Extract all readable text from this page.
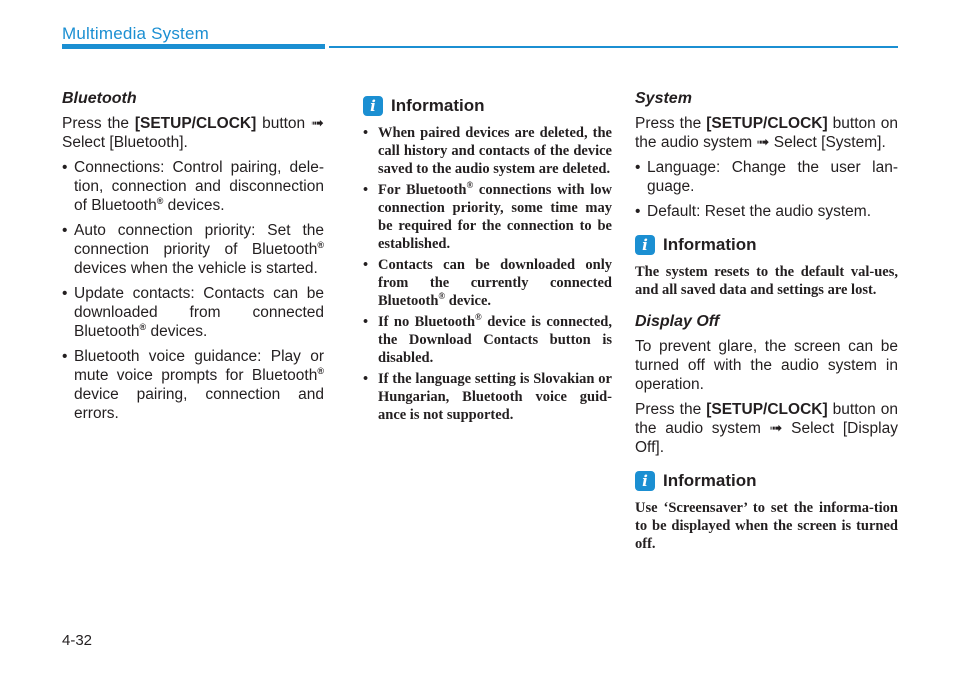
Multimedia System
Bluetooth
Press the [SETUP/CLOCK] button ➟ Select [Bluetooth].
• Connections: Control pairing, dele-tion, connection and disconnection of Bluetooth® devices.
• Auto connection priority: Set the connection priority of Bluetooth® devices when the vehicle is started.
• Update contacts: Contacts can be downloaded from connected Bluetooth® devices.
• Bluetooth voice guidance: Play or mute voice prompts for Bluetooth® device pairing, connection and errors.
i Information
• When paired devices are deleted, the call history and contacts of the device saved to the audio system are deleted.
• For Bluetooth® connections with low connection priority, some time may be required for the connection to be established.
• Contacts can be downloaded only from the currently connected Bluetooth® device.
• If no Bluetooth® device is connected, the Download Contacts button is disabled.
• If the language setting is Slovakian or Hungarian, Bluetooth voice guid-ance is not supported.
System
Press the [SETUP/CLOCK] button on the audio system ➟ Select [System].
• Language: Change the user lan-guage.
• Default: Reset the audio system.
i Information
The system resets to the default val-ues, and all saved data and settings are lost.
Display Off
To prevent glare, the screen can be turned off with the audio system in operation.
Press the [SETUP/CLOCK] button on the audio system ➟ Select [Display Off].
i Information
Use ‘Screensaver’ to set the informa-tion to be displayed when the screen is turned off.
4-32
